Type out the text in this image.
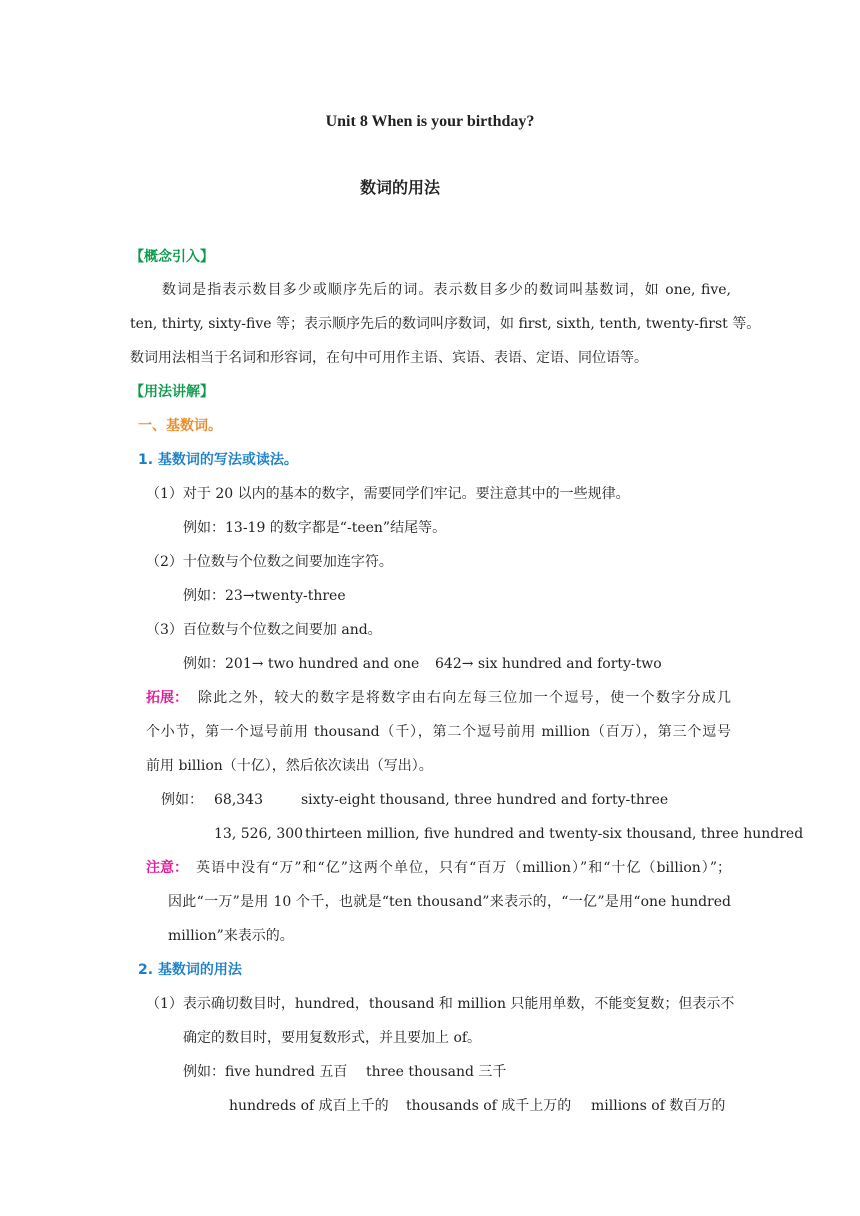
Unit 8 When is your birthday?
数词的用法
【概念引入】
数词是指表示数目多少或顺序先后的词。表示数目多少的数词叫基数词，如 one, five,
ten, thirty, sixty-five 等；表示顺序先后的数词叫序数词，如 first, sixth, tenth, twenty-first 等。
数词用法相当于名词和形容词，在句中可用作主语、宾语、表语、定语、同位语等。
【用法讲解】
一、基数词。
1. 基数词的写法或读法。
（1）对于 20 以内的基本的数字，需要同学们牢记。要注意其中的一些规律。
例如：13-19 的数字都是“-teen”结尾等。
（2）十位数与个位数之间要加连字符。
例如：23→twenty-three
（3）百位数与个位数之间要加 and。
例如：201→ two hundred and one 642→ six hundred and forty-two
拓展： 除此之外，较大的数字是将数字由右向左每三位加一个逗号，使一个数字分成几
个小节，第一个逗号前用 thousand（千），第二个逗号前用 million（百万），第三个逗号
前用 billion（十亿），然后依次读出（写出）。
例如： 68,343	sixty-eight thousand, three hundred and forty-three
13, 526, 300 thirteen million, five hundred and twenty-six thousand, three hundred
注意： 英语中没有“万”和“亿”这两个单位，只有“百万（million）”和“十亿（billion）”；
因此“一万”是用 10 个千，也就是“ten thousand”来表示的，“一亿”是用“one hundred
million”来表示的。
2. 基数词的用法
（1）表示确切数目时，hundred，thousand 和 million 只能用单数，不能变复数；但表示不
确定的数目时，要用复数形式，并且要加上 of。
例如：five hundred 五百 three thousand 三千
hundreds of 成百上千的 thousands of 成千上万的 millions of 数百万的
